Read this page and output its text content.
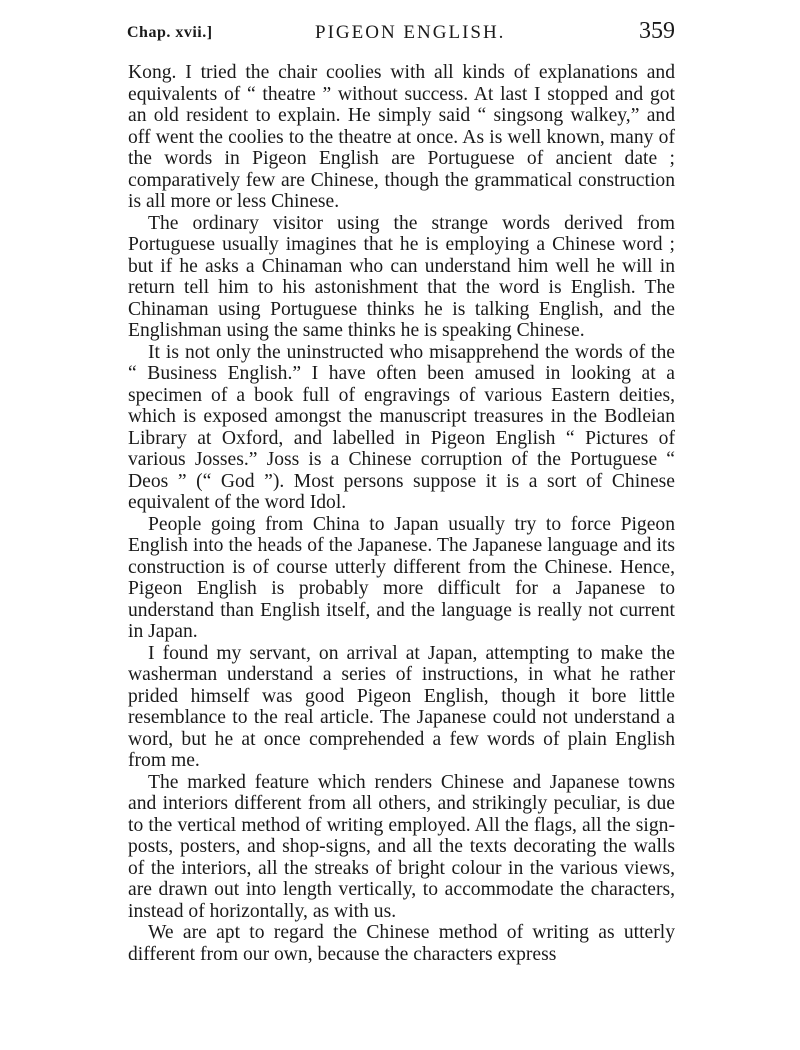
Chap. xvii.]	PIGEON ENGLISH.	359

Kong. I tried the chair coolies with all kinds of explanations and equivalents of “ theatre ” without success. At last I stopped and got an old resident to explain. He simply said “ singsong walkey,” and off went the coolies to the theatre at once. As is well known, many of the words in Pigeon English are Portuguese of ancient date ; comparatively few are Chinese, though the grammatical construction is all more or less Chinese.

The ordinary visitor using the strange words derived from Portuguese usually imagines that he is employing a Chinese word ; but if he asks a Chinaman who can understand him well he will in return tell him to his astonishment that the word is English. The Chinaman using Portuguese thinks he is talking English, and the Englishman using the same thinks he is speaking Chinese.

It is not only the uninstructed who misapprehend the words of the “ Business English.” I have often been amused in looking at a specimen of a book full of engravings of various Eastern deities, which is exposed amongst the manuscript treasures in the Bodleian Library at Oxford, and labelled in Pigeon English “ Pictures of various Josses.” Joss is a Chinese corruption of the Portuguese “ Deos ” (“ God ”). Most persons suppose it is a sort of Chinese equivalent of the word Idol.

People going from China to Japan usually try to force Pigeon English into the heads of the Japanese. The Japanese language and its construction is of course utterly different from the Chinese. Hence, Pigeon English is probably more difficult for a Japanese to understand than English itself, and the language is really not current in Japan.

I found my servant, on arrival at Japan, attempting to make the washerman understand a series of instructions, in what he rather prided himself was good Pigeon English, though it bore little resemblance to the real article. The Japanese could not understand a word, but he at once comprehended a few words of plain English from me.

The marked feature which renders Chinese and Japanese towns and interiors different from all others, and strikingly peculiar, is due to the vertical method of writing employed. All the flags, all the sign-posts, posters, and shop-signs, and all the texts decorating the walls of the interiors, all the streaks of bright colour in the various views, are drawn out into length vertically, to accommodate the characters, instead of horizontally, as with us.

We are apt to regard the Chinese method of writing as utterly different from our own, because the characters express
